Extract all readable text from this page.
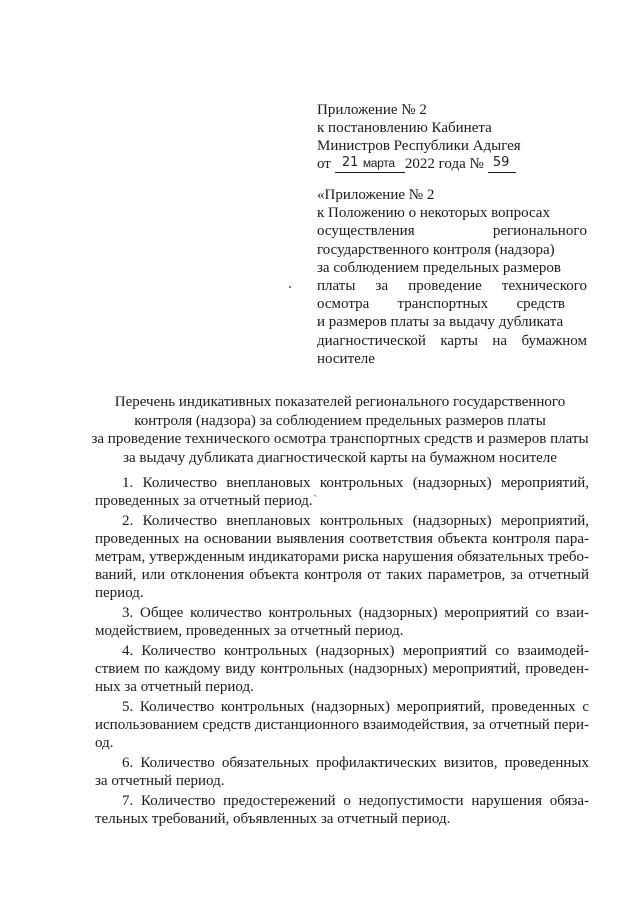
Приложение № 2
к постановлению Кабинета
Министров Республики Адыгея
от 21 марта 2022 года № 59
«Приложение № 2
к Положению о некоторых вопросах
осуществления региональногo
государственного контроля (надзора)
за соблюдением предельных размеров
платы за проведение технического
осмотра транспортных средств
и размеров платы за выдачу дубликата
диагностической карты на бумажном
носителе
Перечень индикативных показателей регионального государственного
контроля (надзора) за соблюдением предельных размеров платы
за проведение технического осмотра транспортных средств и размеров платы
за выдачу дубликата диагностической карты на бумажном носителе
1. Количество внеплановых контрольных (надзорных) мероприятий,
проведенных за отчетный период.ˋ
2. Количество внеплановых контрольных (надзорных) мероприятий,
проведенных на основании выявления соответствия объекта контроля пара-
метрам, утвержденным индикаторами риска нарушения обязательных требо-
ваний, или отклонения объекта контроля от таких параметров, за отчетный
период.
3. Общее количество контрольных (надзорных) мероприятий со взаи-
модействием, проведенных за отчетный период.
4. Количество контрольных (надзорных) мероприятий со взаимодей-
ствием по каждому виду контрольных (надзорных) мероприятий, проведен-
ных за отчетный период.
5. Количество контрольных (надзорных) мероприятий, проведенных с
использованием средств дистанционного взаимодействия, за отчетный пери-
од.
6. Количество обязательных профилактических визитов, проведенных
за отчетный период.
7. Количество предостережений о недопустимости нарушения обяза-
тельных требований, объявленных за отчетный период.
